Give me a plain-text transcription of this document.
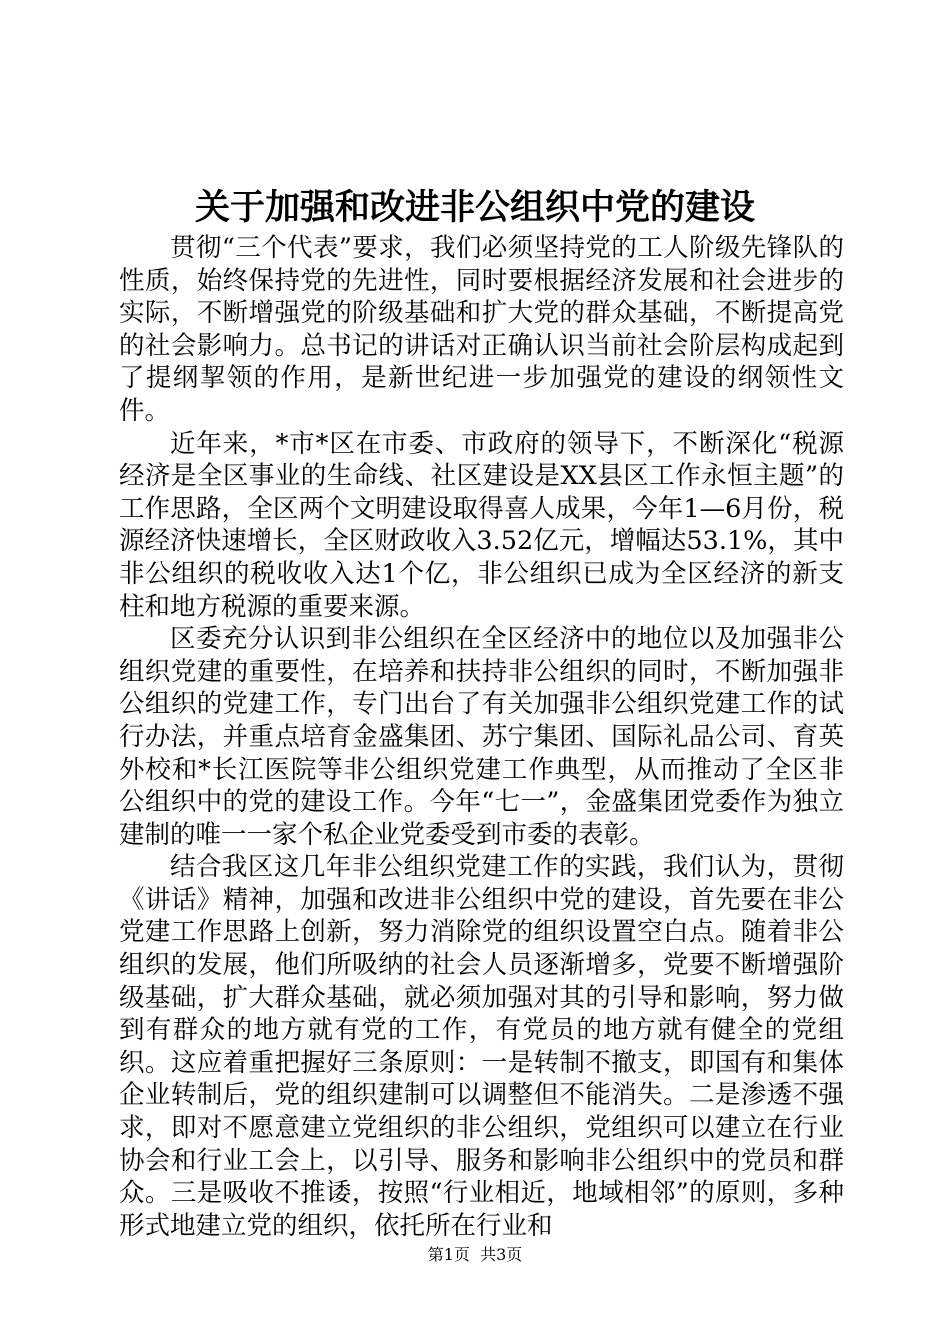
关于加强和改进非公组织中党的建设

贯彻“三个代表”要求，我们必须坚持党的工人阶级先锋队的性质，始终保持党的先进性，同时要根据经济发展和社会进步的实际，不断增强党的阶级基础和扩大党的群众基础，不断提高党的社会影响力。总书记的讲话对正确认识当前社会阶层构成起到了提纲挈领的作用，是新世纪进一步加强党的建设的纲领性文件。

近年来，*市*区在市委、市政府的领导下，不断深化“税源经济是全区事业的生命线、社区建设是XX县区工作永恒主题”的工作思路，全区两个文明建设取得喜人成果，今年1—6月份，税源经济快速增长，全区财政收入3.52亿元，增幅达53.1%，其中非公组织的税收收入达1个亿，非公组织已成为全区经济的新支柱和地方税源的重要来源。

区委充分认识到非公组织在全区经济中的地位以及加强非公组织党建的重要性，在培养和扶持非公组织的同时，不断加强非公组织的党建工作，专门出台了有关加强非公组织党建工作的试行办法，并重点培育金盛集团、苏宁集团、国际礼品公司、育英外校和*长江医院等非公组织党建工作典型，从而推动了全区非公组织中的党的建设工作。今年“七一”，金盛集团党委作为独立建制的唯一一家个私企业党委受到市委的表彰。

结合我区这几年非公组织党建工作的实践，我们认为，贯彻《讲话》精神，加强和改进非公组织中党的建设，首先要在非公党建工作思路上创新，努力消除党的组织设置空白点。随着非公组织的发展，他们所吸纳的社会人员逐渐增多，党要不断增强阶级基础，扩大群众基础，就必须加强对其的引导和影响，努力做到有群众的地方就有党的工作，有党员的地方就有健全的党组织。这应着重把握好三条原则：一是转制不撤支，即国有和集体企业转制后，党的组织建制可以调整但不能消失。二是渗透不强求，即对不愿意建立党组织的非公组织，党组织可以建立在行业协会和行业工会上，以引导、服务和影响非公组织中的党员和群众。三是吸收不推诿，按照“行业相近，地域相邻”的原则，多种形式地建立党的组织，依托所在行业和

第1页 共3页
